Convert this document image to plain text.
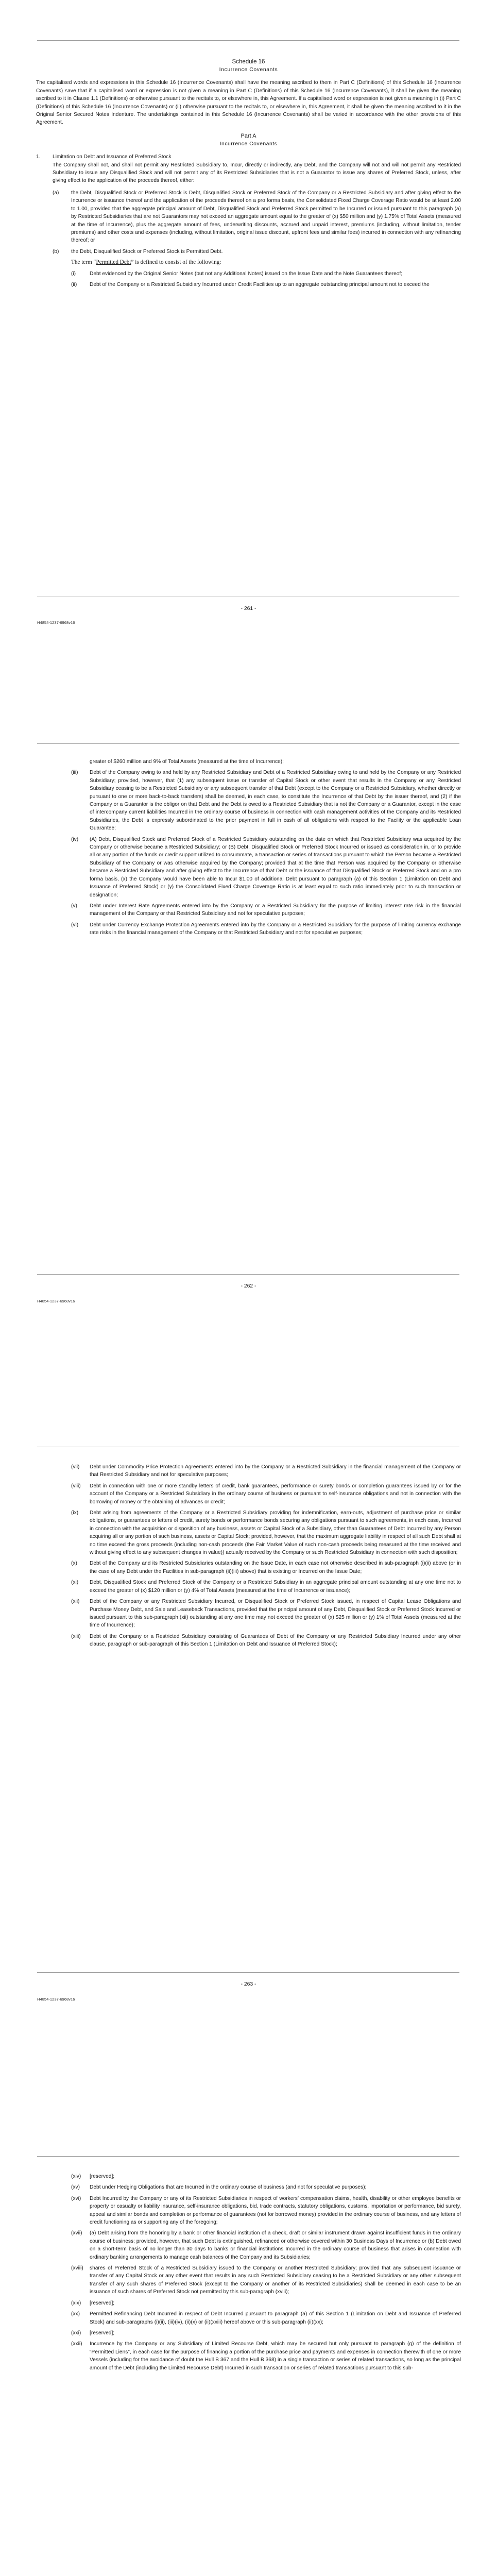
Schedule 16
Incurrence Covenants
The capitalised words and expressions in this Schedule 16 (Incurrence Covenants) shall have the meaning ascribed to them in Part C (Definitions) of this Schedule 16 (Incurrence Covenants) save that if a capitalised word or expression is not given a meaning in Part C (Definitions) of this Schedule 16 (Incurrence Covenants), it shall be given the meaning ascribed to it in Clause 1.1 (Definitions) or otherwise pursuant to the recitals to, or elsewhere in, this Agreement. If a capitalised word or expression is not given a meaning in (i) Part C (Definitions) of this Schedule 16 (Incurrence Covenants) or (ii) otherwise pursuant to the recitals to, or elsewhere in, this Agreement, it shall be given the meaning ascribed to it in the Original Senior Secured Notes Indenture. The undertakings contained in this Schedule 16 (Incurrence Covenants) shall be varied in accordance with the other provisions of this Agreement.
Part A
Incurrence Covenants
1.	Limitation on Debt and Issuance of Preferred Stock
The Company shall not, and shall not permit any Restricted Subsidiary to, Incur, directly or indirectly, any Debt, and the Company will not and will not permit any Restricted Subsidiary to issue any Disqualified Stock and will not permit any of its Restricted Subsidiaries that is not a Guarantor to issue any shares of Preferred Stock, unless, after giving effect to the application of the proceeds thereof, either:
(a)	the Debt, Disqualified Stock or Preferred Stock is Debt, Disqualified Stock or Preferred Stock of the Company or a Restricted Subsidiary and after giving effect to the Incurrence or issuance thereof and the application of the proceeds thereof on a pro forma basis, the Consolidated Fixed Charge Coverage Ratio would be at least 2.00 to 1.00, provided that the aggregate principal amount of Debt, Disqualified Stock and Preferred Stock permitted to be Incurred or issued pursuant to this paragraph (a) by Restricted Subsidiaries that are not Guarantors may not exceed an aggregate amount equal to the greater of (x) $50 million and (y) 1.75% of Total Assets (measured at the time of Incurrence), plus the aggregate amount of fees, underwriting discounts, accrued and unpaid interest, premiums (including, without limitation, tender premiums) and other costs and expenses (including, without limitation, original issue discount, upfront fees and similar fees) incurred in connection with any refinancing thereof; or
(b)	the Debt, Disqualified Stock or Preferred Stock is Permitted Debt.
The term “Permitted Debt” is defined to consist of the following:
(i)	Debt evidenced by the Original Senior Notes (but not any Additional Notes) issued on the Issue Date and the Note Guarantees thereof;
(ii)	Debt of the Company or a Restricted Subsidiary Incurred under Credit Facilities up to an aggregate outstanding principal amount not to exceed the
- 261 -
H4854-1237-6968v16
greater of $260 million and 9% of Total Assets (measured at the time of Incurrence);
(iii)	Debt of the Company owing to and held by any Restricted Subsidiary and Debt of a Restricted Subsidiary owing to and held by the Company or any Restricted Subsidiary; provided, however, that (1) any subsequent issue or transfer of Capital Stock or other event that results in the Company or any Restricted Subsidiary ceasing to be a Restricted Subsidiary or any subsequent transfer of that Debt (except to the Company or a Restricted Subsidiary, whether directly or pursuant to one or more back-to-back transfers) shall be deemed, in each case, to constitute the Incurrence of that Debt by the issuer thereof, and (2) if the Company or a Guarantor is the obligor on that Debt and the Debt is owed to a Restricted Subsidiary that is not the Company or a Guarantor, except in the case of intercompany current liabilities Incurred in the ordinary course of business in connection with cash management activities of the Company and its Restricted Subsidiaries, the Debt is expressly subordinated to the prior payment in full in cash of all obligations with respect to the Facility or the applicable Loan Guarantee;
(iv)	(A) Debt, Disqualified Stock and Preferred Stock of a Restricted Subsidiary outstanding on the date on which that Restricted Subsidiary was acquired by the Company or otherwise became a Restricted Subsidiary; or (B) Debt, Disqualified Stock or Preferred Stock Incurred or issued as consideration in, or to provide all or any portion of the funds or credit support utilized to consummate, a transaction or series of transactions pursuant to which the Person became a Restricted Subsidiary of the Company or was otherwise acquired by the Company; provided that at the time that Person was acquired by the Company or otherwise became a Restricted Subsidiary and after giving effect to the Incurrence of that Debt or the issuance of that Disqualified Stock or Preferred Stock and on a pro forma basis, (x) the Company would have been able to Incur $1.00 of additional Debt pursuant to paragraph (a) of this Section 1 (Limitation on Debt and Issuance of Preferred Stock) or (y) the Consolidated Fixed Charge Coverage Ratio is at least equal to such ratio immediately prior to such transaction or designation;
(v)	Debt under Interest Rate Agreements entered into by the Company or a Restricted Subsidiary for the purpose of limiting interest rate risk in the financial management of the Company or that Restricted Subsidiary and not for speculative purposes;
(vi)	Debt under Currency Exchange Protection Agreements entered into by the Company or a Restricted Subsidiary for the purpose of limiting currency exchange rate risks in the financial management of the Company or that Restricted Subsidiary and not for speculative purposes;
- 262 -
H4854-1237-6968v16
(vii)	Debt under Commodity Price Protection Agreements entered into by the Company or a Restricted Subsidiary in the financial management of the Company or that Restricted Subsidiary and not for speculative purposes;
(viii)	Debt in connection with one or more standby letters of credit, bank guarantees, performance or surety bonds or completion guarantees issued by or for the account of the Company or a Restricted Subsidiary in the ordinary course of business or pursuant to self-insurance obligations and not in connection with the borrowing of money or the obtaining of advances or credit;
(ix)	Debt arising from agreements of the Company or a Restricted Subsidiary providing for indemnification, earn-outs, adjustment of purchase price or similar obligations, or guarantees or letters of credit, surety bonds or performance bonds securing any obligations pursuant to such agreements, in each case, Incurred in connection with the acquisition or disposition of any business, assets or Capital Stock of a Subsidiary, other than Guarantees of Debt Incurred by any Person acquiring all or any portion of such business, assets or Capital Stock; provided, however, that the maximum aggregate liability in respect of all such Debt shall at no time exceed the gross proceeds (including non-cash proceeds (the Fair Market Value of such non-cash proceeds being measured at the time received and without giving effect to any subsequent changes in value)) actually received by the Company or such Restricted Subsidiary in connection with such disposition;
(x)	Debt of the Company and its Restricted Subsidiaries outstanding on the Issue Date, in each case not otherwise described in sub-paragraph (i)(ii) above (or in the case of any Debt under the Facilities in sub-paragraph (ii)(iii) above) that is existing or Incurred on the Issue Date;
(xi)	Debt, Disqualified Stock and Preferred Stock of the Company or a Restricted Subsidiary in an aggregate principal amount outstanding at any one time not to exceed the greater of (x) $120 million or (y) 4% of Total Assets (measured at the time of Incurrence or issuance);
(xii)	Debt of the Company or any Restricted Subsidiary Incurred, or Disqualified Stock or Preferred Stock issued, in respect of Capital Lease Obligations and Purchase Money Debt, and Sale and Leaseback Transactions, provided that the principal amount of any Debt, Disqualified Stock or Preferred Stock Incurred or issued pursuant to this sub-paragraph (xii) outstanding at any one time may not exceed the greater of (x) $25 million or (y) 1% of Total Assets (measured at the time of Incurrence);
(xiii)	Debt of the Company or a Restricted Subsidiary consisting of Guarantees of Debt of the Company or any Restricted Subsidiary Incurred under any other clause, paragraph or sub-paragraph of this Section 1 (Limitation on Debt and Issuance of Preferred Stock);
- 263 -
H4854-1237-6968v16
(xiv)	[reserved];
(xv)	Debt under Hedging Obligations that are Incurred in the ordinary course of business (and not for speculative purposes);
(xvi)	Debt Incurred by the Company or any of its Restricted Subsidiaries in respect of workers’ compensation claims, health, disability or other employee benefits or property or casualty or liability insurance, self-insurance obligations, bid, trade contracts, statutory obligations, customs, importation or performance, bid surety, appeal and similar bonds and completion or performance of guarantees (not for borrowed money) provided in the ordinary course of business, and any letters of credit functioning as or supporting any of the foregoing;
(xvii)	(a) Debt arising from the honoring by a bank or other financial institution of a check, draft or similar instrument drawn against insufficient funds in the ordinary course of business; provided, however, that such Debt is extinguished, refinanced or otherwise covered within 30 Business Days of Incurrence or (b) Debt owed on a short-term basis of no longer than 30 days to banks or financial institutions Incurred in the ordinary course of business that arises in connection with ordinary banking arrangements to manage cash balances of the Company and its Subsidiaries;
(xviii)	shares of Preferred Stock of a Restricted Subsidiary issued to the Company or another Restricted Subsidiary; provided that any subsequent issuance or transfer of any Capital Stock or any other event that results in any such Restricted Subsidiary ceasing to be a Restricted Subsidiary or any other subsequent transfer of any such shares of Preferred Stock (except to the Company or another of its Restricted Subsidiaries) shall be deemed in each case to be an issuance of such shares of Preferred Stock not permitted by this sub-paragraph (xviii);
(xix)	[reserved];
(xx)	Permitted Refinancing Debt Incurred in respect of Debt Incurred pursuant to paragraph (a) of this Section 1 (Limitation on Debt and Issuance of Preferred Stock) and sub-paragraphs (i)(ii), (iii)(iv), (ii)(x) or (ii)(xxiii) hereof above or this sub-paragraph (ii)(xx);
(xxi)	[reserved];
(xxii)	Incurrence by the Company or any Subsidiary of Limited Recourse Debt, which may be secured but only pursuant to paragraph (g) of the definition of “Permitted Liens”, in each case for the purpose of financing a portion of the purchase price and payments and expenses in connection therewith of one or more Vessels (including for the avoidance of doubt the Hull B 367 and the Hull B 368) in a single transaction or series of related transactions, so long as the principal amount of the Debt (including the Limited Recourse Debt) Incurred in such transaction or series of related transactions pursuant to this sub-
